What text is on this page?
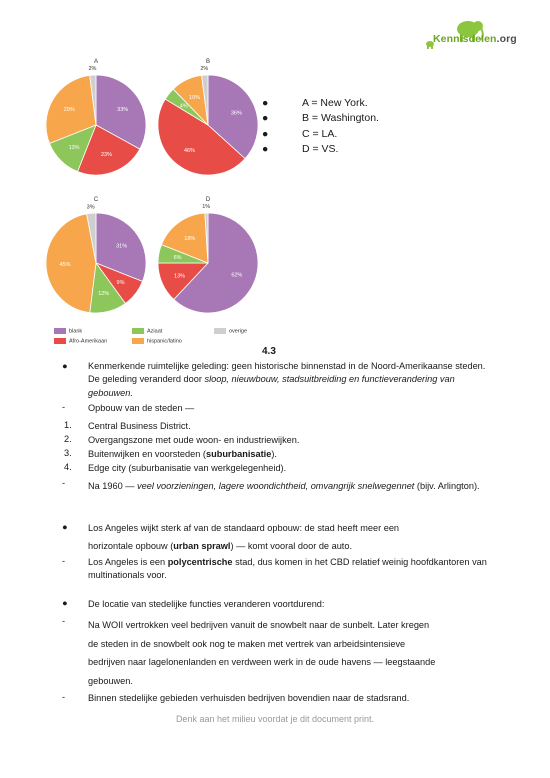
Kennisdelen.org
A
33%
23%
13%
29%
2%
B
36%
46%
4%
10%
2%
C
31%
9%
12%
45%
3%
D
62%
13%
6%
18%
1%
blank	Aziaat	overige
Afro-Amerikaan	hispanic/latino
●	A = New York.
●	B = Washington.
●	C = LA.
●	D = VS.
4.3
● Kenmerkende ruimtelijke geleding: geen historische binnenstad in de Noord-Amerikaanse steden. De geleding veranderd door sloop, nieuwbouw, stadsuitbreiding en functieverandering van gebouwen.
- Opbouw van de steden —
1. Central Business District.
2. Overgangszone met oude woon- en industriewijken.
3. Buitenwijken en voorsteden (suburbanisatie).
4. Edge city (suburbanisatie van werkgelegenheid).
- Na 1960 — veel voorzieningen, lagere woondichtheid, omvangrijk snelwegennet (bijv. Arlington).
● Los Angeles wijkt sterk af van de standaard opbouw: de stad heeft meer een
horizontale opbouw (urban sprawl) — komt vooral door de auto.
- Los Angeles is een polycentrische stad, dus komen in het CBD relatief weinig hoofdkantoren van multinationals voor.
● De locatie van stedelijke functies veranderen voortdurend:
- Na WOII vertrokken veel bedrijven vanuit de snowbelt naar de sunbelt. Later kregen
de steden in de snowbelt ook nog te maken met vertrek van arbeidsintensieve
bedrijven naar lagelonenlanden en verdween werk in de oude havens — leegstaande
gebouwen.
- Binnen stedelijke gebieden verhuisden bedrijven bovendien naar de stadsrand.
Denk aan het milieu voordat je dit document print.
